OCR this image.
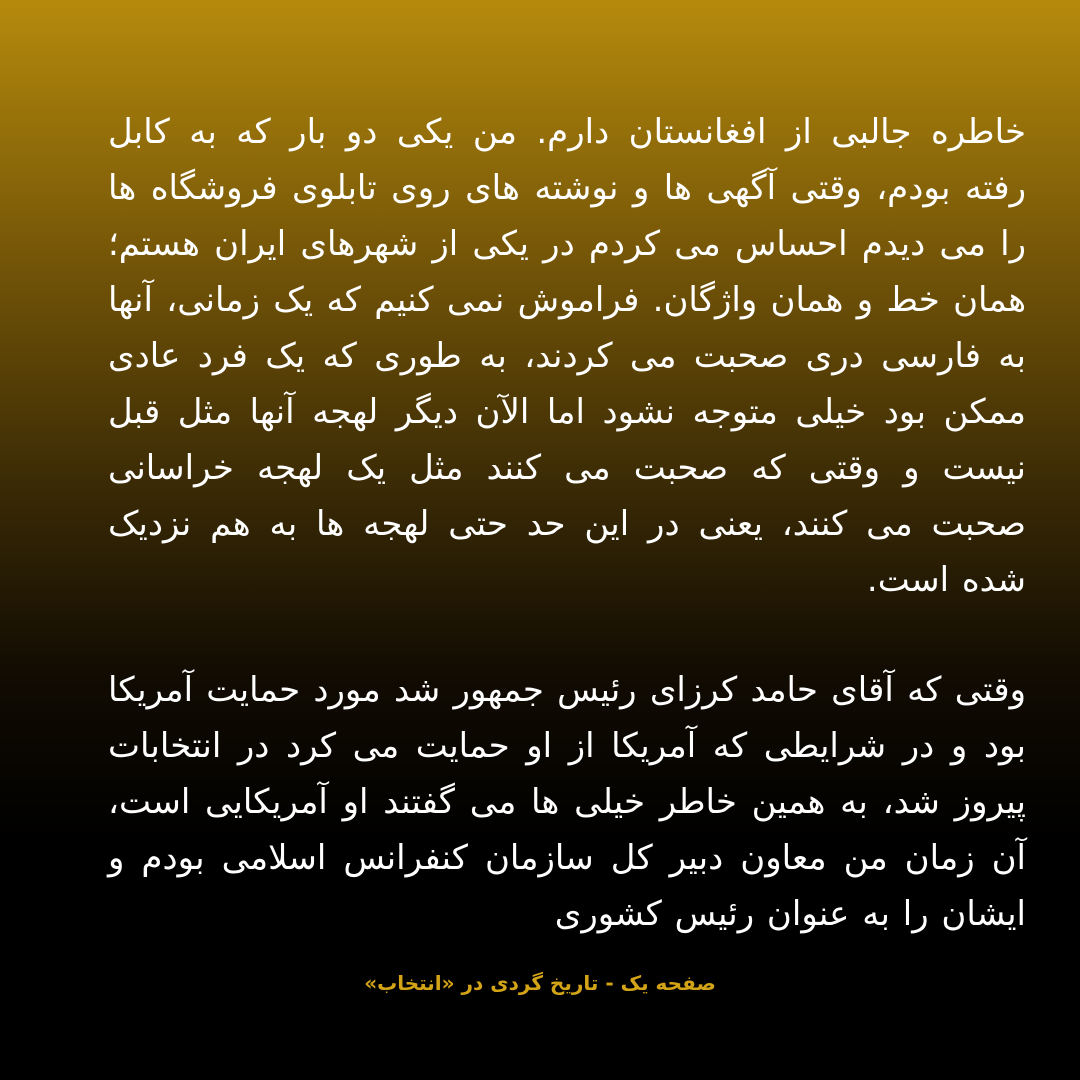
خاطره جالبی از افغانستان دارم. من یکی دو بار که به کابل رفته بودم، وقتی آگهی ها و نوشته های روی تابلوی فروشگاه ها را می دیدم احساس می کردم در یکی از شهرهای ایران هستم؛ همان خط و همان واژگان. فراموش نمی کنیم که یک زمانی، آنها به فارسی دری صحبت می کردند، به طوری که یک فرد عادی ممکن بود خیلی متوجه نشود اما الآن دیگر لهجه آنها مثل قبل نیست و وقتی که صحبت می کنند مثل یک لهجه خراسانی صحبت می کنند، یعنی در این حد حتی لهجه ها به هم نزدیک شده است.

وقتی که آقای حامد کرزای رئیس جمهور شد مورد حمایت آمریکا بود و در شرایطی که آمریکا از او حمایت می کرد در انتخابات پیروز شد، به همین خاطر خیلی ها می گفتند او آمریکایی است، آن زمان من معاون دبیر کل سازمان کنفرانس اسلامی بودم و ایشان را به عنوان رئیس کشوری

صفحه یک - تاریخ گردی در «انتخاب»
